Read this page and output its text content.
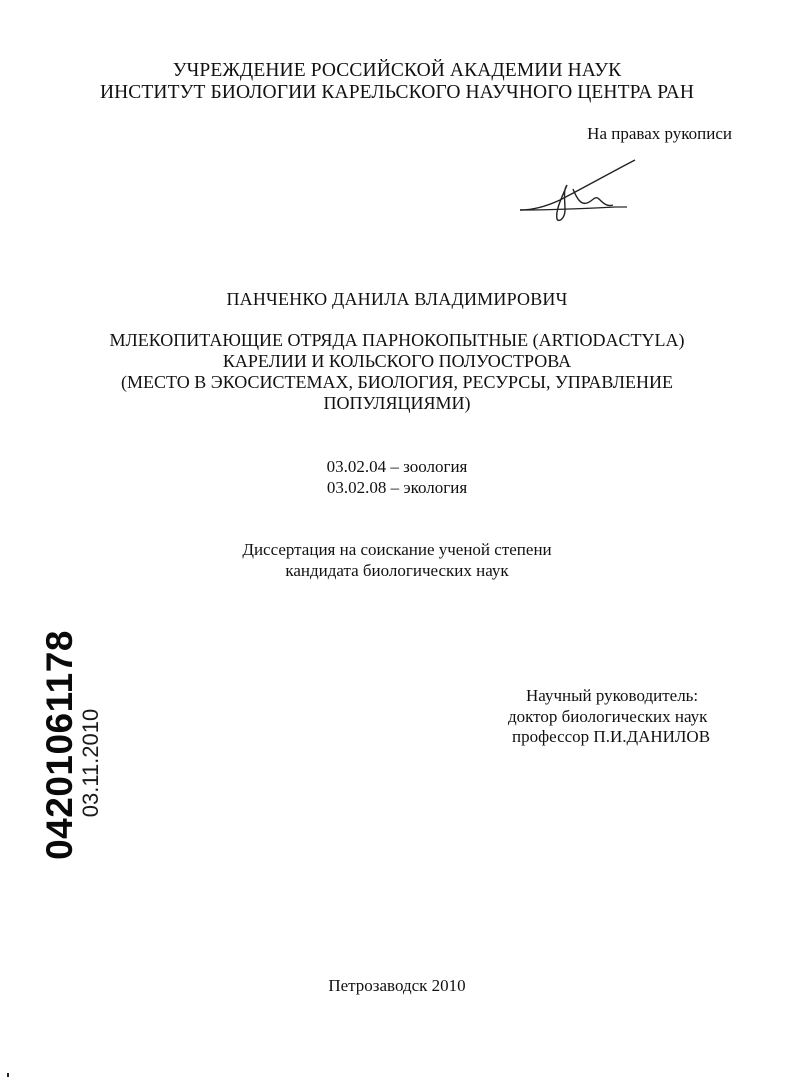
УЧРЕЖДЕНИЕ РОССИЙСКОЙ АКАДЕМИИ НАУК
ИНСТИТУТ БИОЛОГИИ КАРЕЛЬСКОГО НАУЧНОГО ЦЕНТРА РАН
На правах рукописи
ПАНЧЕНКО ДАНИЛА ВЛАДИМИРОВИЧ
МЛЕКОПИТАЮЩИЕ ОТРЯДА ПАРНОКОПЫТНЫЕ (ARTIODACTYLA)
КАРЕЛИИ И КОЛЬСКОГО ПОЛУОСТРОВА
(МЕСТО В ЭКОСИСТЕМАХ, БИОЛОГИЯ, РЕСУРСЫ, УПРАВЛЕНИЕ
ПОПУЛЯЦИЯМИ)
03.02.04 – зоология
03.02.08 – экология
Диссертация на соискание ученой степени
кандидата биологических наук
Научный руководитель:
доктор биологических наук
профессор П.И.ДАНИЛОВ
04201061178
03.11.2010
Петрозаводск 2010
